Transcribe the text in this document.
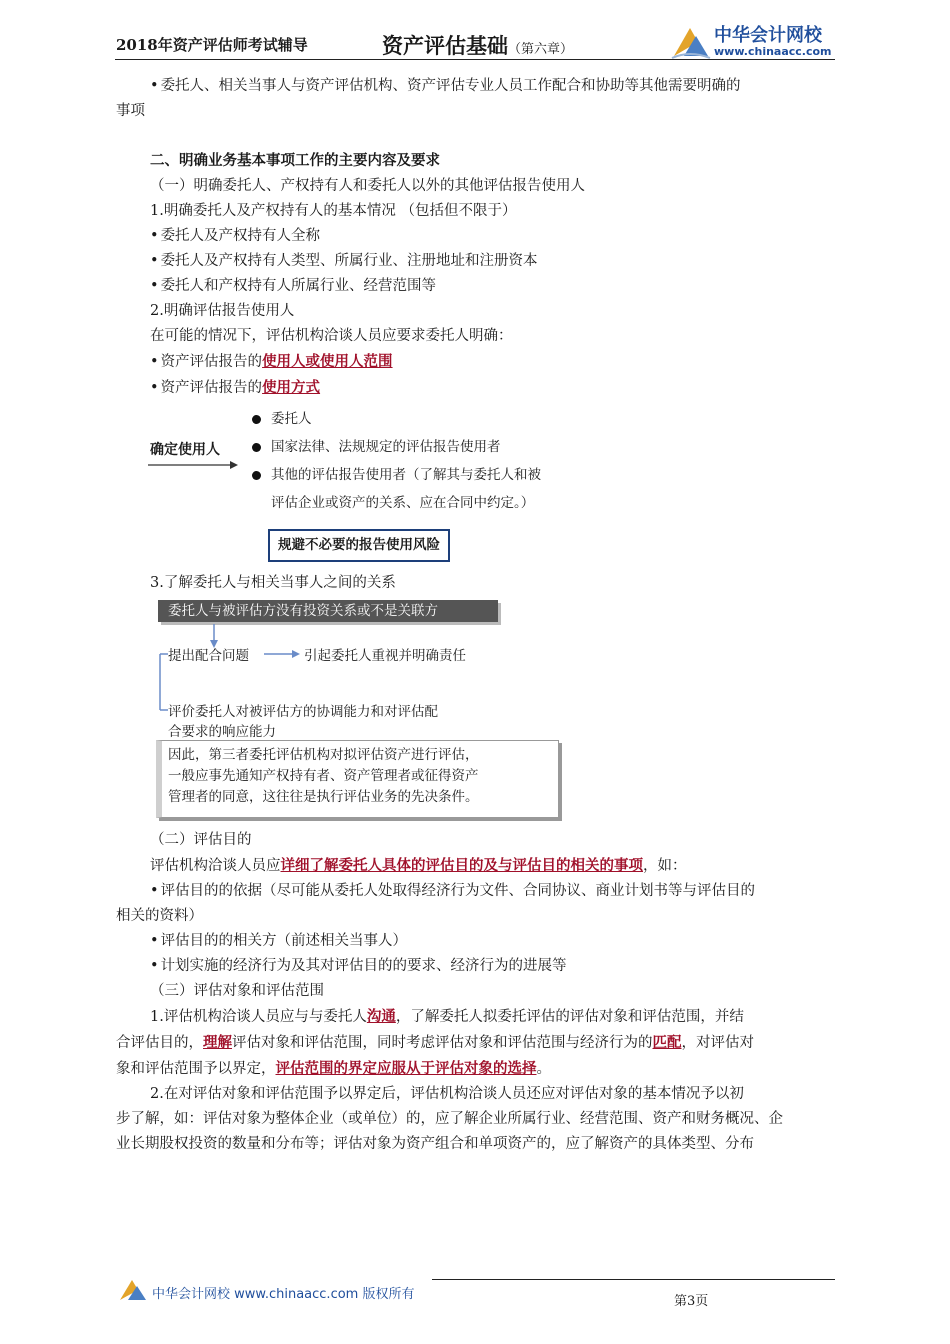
2018年资产评估师考试辅导	资产评估基础（第六章）
中华会计网校
www.chinaacc.com

• 委托人、相关当事人与资产评估机构、资产评估专业人员工作配合和协助等其他需要明确的

事项

二、明确业务基本事项工作的主要内容及要求

（一）明确委托人、产权持有人和委托人以外的其他评估报告使用人

1.明确委托人及产权持有人的基本情况 （包括但不限于）

• 委托人及产权持有人全称

• 委托人及产权持有人类型、所属行业、注册地址和注册资本

• 委托人和产权持有人所属行业、经营范围等

2.明确评估报告使用人

在可能的情况下，评估机构洽谈人员应要求委托人明确：

• 资产评估报告的使用人或使用人范围

• 资产评估报告的使用方式

确定使用人
委托人
国家法律、法规规定的评估报告使用者
其他的评估报告使用者（了解其与委托人和被
评估企业或资产的关系、应在合同中约定。）
规避不必要的报告使用风险

3.了解委托人与相关当事人之间的关系

委托人与被评估方没有投资关系或不是关联方
提出配合问题	引起委托人重视并明确责任
评价委托人对被评估方的协调能力和对评估配
合要求的响应能力
因此，第三者委托评估机构对拟评估资产进行评估，
一般应事先通知产权持有者、资产管理者或征得资产
管理者的同意，这往往是执行评估业务的先决条件。

（二）评估目的

评估机构洽谈人员应详细了解委托人具体的评估目的及与评估目的相关的事项，如：

• 评估目的的依据（尽可能从委托人处取得经济行为文件、合同协议、商业计划书等与评估目的

相关的资料）

• 评估目的的相关方（前述相关当事人）

• 计划实施的经济行为及其对评估目的的要求、经济行为的进展等

（三）评估对象和评估范围

1.评估机构洽谈人员应与与委托人沟通，了解委托人拟委托评估的评估对象和评估范围，并结

合评估目的，理解评估对象和评估范围，同时考虑评估对象和评估范围与经济行为的匹配，对评估对

象和评估范围予以界定，评估范围的界定应服从于评估对象的选择。

2.在对评估对象和评估范围予以界定后，评估机构洽谈人员还应对评估对象的基本情况予以初

步了解，如：评估对象为整体企业（或单位）的，应了解企业所属行业、经营范围、资产和财务概况、企

业长期股权投资的数量和分布等；评估对象为资产组合和单项资产的，应了解资产的具体类型、分布

中华会计网校 www.chinaacc.com 版权所有	第3页
